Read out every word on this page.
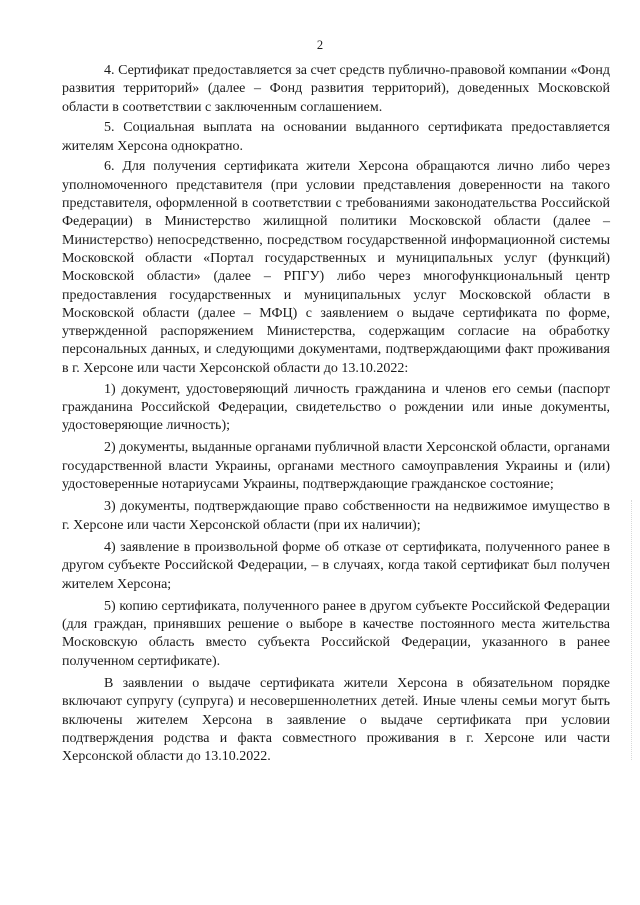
2

4. Сертификат предоставляется за счет средств публично-правовой компании «Фонд развития территорий» (далее – Фонд развития территорий), доведенных Московской области в соответствии с заключенным соглашением.

5. Социальная выплата на основании выданного сертификата предоставляется жителям Херсона однократно.

6. Для получения сертификата жители Херсона обращаются лично либо через уполномоченного представителя (при условии представления доверенности на такого представителя, оформленной в соответствии с требованиями законодательства Российской Федерации) в Министерство жилищной политики Московской области (далее – Министерство) непосредственно, посредством государственной информационной системы Московской области «Портал государственных и муниципальных услуг (функций) Московской области» (далее – РПГУ) либо через многофункциональный центр предоставления государственных и муниципальных услуг Московской области в Московской области (далее – МФЦ) с заявлением о выдаче сертификата по форме, утвержденной распоряжением Министерства, содержащим согласие на обработку персональных данных, и следующими документами, подтверждающими факт проживания в г. Херсоне или части Херсонской области до 13.10.2022:

1) документ, удостоверяющий личность гражданина и членов его семьи (паспорт гражданина Российской Федерации, свидетельство о рождении или иные документы, удостоверяющие личность);

2) документы, выданные органами публичной власти Херсонской области, органами государственной власти Украины, органами местного самоуправления Украины и (или) удостоверенные нотариусами Украины, подтверждающие гражданское состояние;

3) документы, подтверждающие право собственности на недвижимое имущество в г. Херсоне или части Херсонской области (при их наличии);

4) заявление в произвольной форме об отказе от сертификата, полученного ранее в другом субъекте Российской Федерации, – в случаях, когда такой сертификат был получен жителем Херсона;

5) копию сертификата, полученного ранее в другом субъекте Российской Федерации (для граждан, принявших решение о выборе в качестве постоянного места жительства Московскую область вместо субъекта Российской Федерации, указанного в ранее полученном сертификате).

В заявлении о выдаче сертификата жители Херсона в обязательном порядке включают супругу (супруга) и несовершеннолетних детей. Иные члены семьи могут быть включены жителем Херсона в заявление о выдаче сертификата при условии подтверждения родства и факта совместного проживания в г. Херсоне или части Херсонской области до 13.10.2022.
